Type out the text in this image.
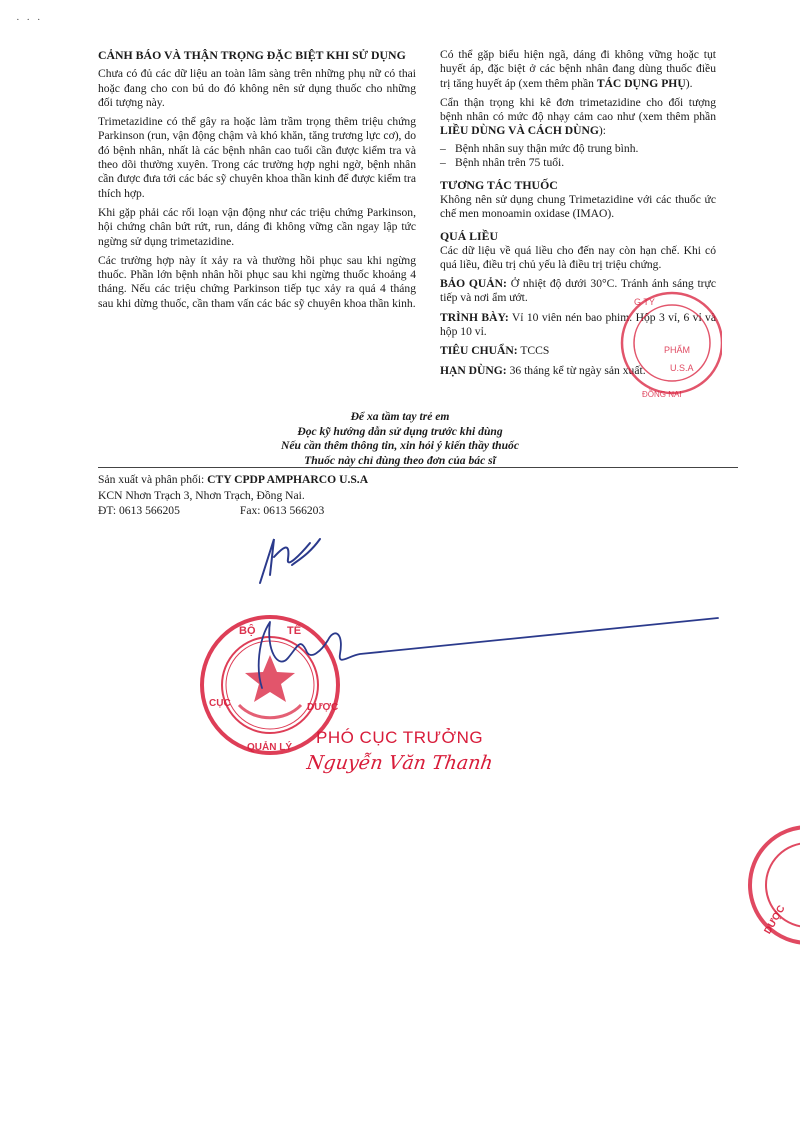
· · ·

CẢNH BÁO VÀ THẬN TRỌNG ĐẶC BIỆT KHI SỬ DỤNG

Chưa có đủ các dữ liệu an toàn lâm sàng trên những phụ nữ có thai hoặc đang cho con bú do đó không nên sử dụng thuốc cho những đối tượng này.

Trimetazidine có thể gây ra hoặc làm trầm trọng thêm triệu chứng Parkinson (run, vận động chậm và khó khăn, tăng trương lực cơ), do đó bệnh nhân, nhất là các bệnh nhân cao tuổi cần được kiểm tra và theo dõi thường xuyên. Trong các trường hợp nghi ngờ, bệnh nhân cần được đưa tới các bác sỹ chuyên khoa thần kinh để được kiểm tra thích hợp.

Khi gặp phải các rối loạn vận động như các triệu chứng Parkinson, hội chứng chân bứt rứt, run, dáng đi không vững cần ngay lập tức ngừng sử dụng trimetazidine.

Các trường hợp này ít xảy ra và thường hồi phục sau khi ngừng thuốc. Phần lớn bệnh nhân hồi phục sau khi ngừng thuốc khoảng 4 tháng. Nếu các triệu chứng Parkinson tiếp tục xảy ra quá 4 tháng sau khi dừng thuốc, cần tham vấn các bác sỹ chuyên khoa thần kinh.

Có thể gặp biểu hiện ngã, dáng đi không vững hoặc tụt huyết áp, đặc biệt ở các bệnh nhân đang dùng thuốc điều trị tăng huyết áp (xem thêm phần TÁC DỤNG PHỤ).

Cẩn thận trọng khi kê đơn trimetazidine cho đối tượng bệnh nhân có mức độ nhạy cảm cao như (xem thêm phần LIỀU DÙNG VÀ CÁCH DÙNG):

– Bệnh nhân suy thận mức độ trung bình.
– Bệnh nhân trên 75 tuổi.

TƯƠNG TÁC THUỐC

Không nên sử dụng chung Trimetazidine với các thuốc ức chế men monoamin oxidase (IMAO).

QUÁ LIỀU

Các dữ liệu về quá liều cho đến nay còn hạn chế. Khi có quá liều, điều trị chủ yếu là điều trị triệu chứng.

BẢO QUẢN: Ở nhiệt độ dưới 30°C. Tránh ánh sáng trực tiếp và nơi ẩm ướt.

TRÌNH BÀY: Vỉ 10 viên nén bao phim. Hộp 3 vỉ, 6 vỉ và hộp 10 vỉ.

TIÊU CHUẨN: TCCS

HẠN DÙNG: 36 tháng kể từ ngày sản xuất.

G TY
PHẨM
U.S.A
ĐỒNG NAI
Để xa tầm tay trẻ em
Đọc kỹ hướng dẫn sử dụng trước khi dùng
Nếu cần thêm thông tin, xin hỏi ý kiến thầy thuốc
Thuốc này chỉ dùng theo đơn của bác sĩ
Sản xuất và phân phối: CTY CPDP AMPHARCO U.S.A
KCN Nhơn Trạch 3, Nhơn Trạch, Đồng Nai.
ĐT: 0613 566205	Fax: 0613 566203
BỘ	TẾ
CỤC
QUẢN LÝ
DƯỢC
PHÓ CỤC TRƯỞNG
Nguyễn Văn Thanh
DƯỢC
